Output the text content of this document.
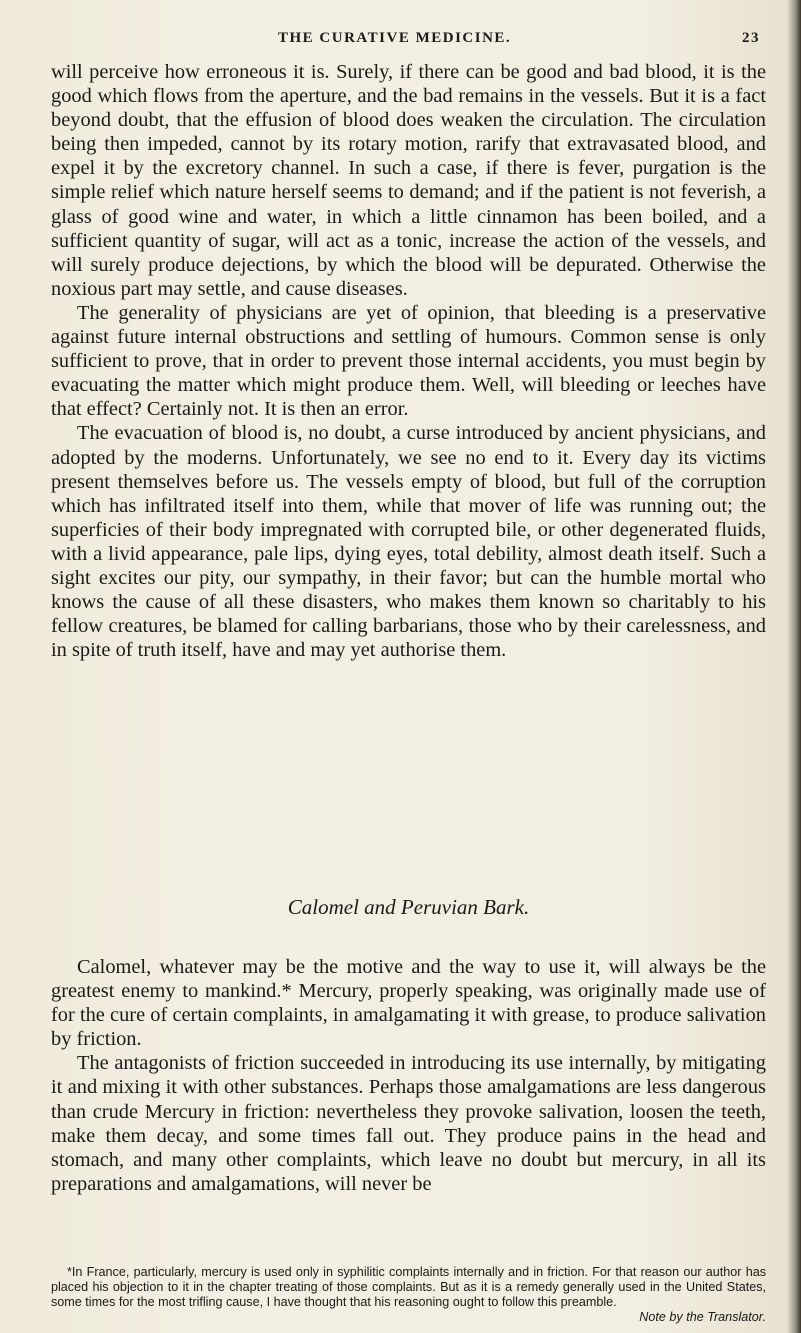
THE CURATIVE MEDICINE.	23

will perceive how erroneous it is. Surely, if there can be good and bad blood, it is the good which flows from the aperture, and the bad remains in the vessels. But it is a fact beyond doubt, that the effusion of blood does weaken the circulation. The circulation being then impeded, cannot by its rotary motion, rarify that extravasated blood, and expel it by the excretory channel. In such a case, if there is fever, purgation is the simple relief which nature herself seems to demand; and if the patient is not feverish, a glass of good wine and water, in which a little cinnamon has been boiled, and a sufficient quantity of sugar, will act as a tonic, increase the action of the vessels, and will surely produce dejections, by which the blood will be depurated. Otherwise the noxious part may settle, and cause diseases.

The generality of physicians are yet of opinion, that bleeding is a preservative against future internal obstructions and settling of humours. Common sense is only sufficient to prove, that in order to prevent those internal accidents, you must begin by evacuating the matter which might produce them. Well, will bleeding or leeches have that effect? Certainly not. It is then an error.

The evacuation of blood is, no doubt, a curse introduced by ancient physicians, and adopted by the moderns. Unfortunately, we see no end to it. Every day its victims present themselves before us. The vessels empty of blood, but full of the corruption which has infiltrated itself into them, while that mover of life was running out; the superficies of their body impregnated with corrupted bile, or other degenerated fluids, with a livid appearance, pale lips, dying eyes, total debility, almost death itself. Such a sight excites our pity, our sympathy, in their favor; but can the humble mortal who knows the cause of all these disasters, who makes them known so charitably to his fellow creatures, be blamed for calling barbarians, those who by their carelessness, and in spite of truth itself, have and may yet authorise them.

Calomel and Peruvian Bark.

Calomel, whatever may be the motive and the way to use it, will always be the greatest enemy to mankind.* Mercury, properly speaking, was originally made use of for the cure of certain complaints, in amalgamating it with grease, to produce salivation by friction.

The antagonists of friction succeeded in introducing its use internally, by mitigating it and mixing it with other substances. Perhaps those amalgamations are less dangerous than crude Mercury in friction: nevertheless they provoke salivation, loosen the teeth, make them decay, and some times fall out. They produce pains in the head and stomach, and many other complaints, which leave no doubt but mercury, in all its preparations and amalgamations, will never be

*In France, particularly, mercury is used only in syphilitic complaints internally and in friction. For that reason our author has placed his objection to it in the chapter treating of those complaints. But as it is a remedy generally used in the United States, some times for the most trifling cause, I have thought that his reasoning ought to follow this preamble.

Note by the Translator.
